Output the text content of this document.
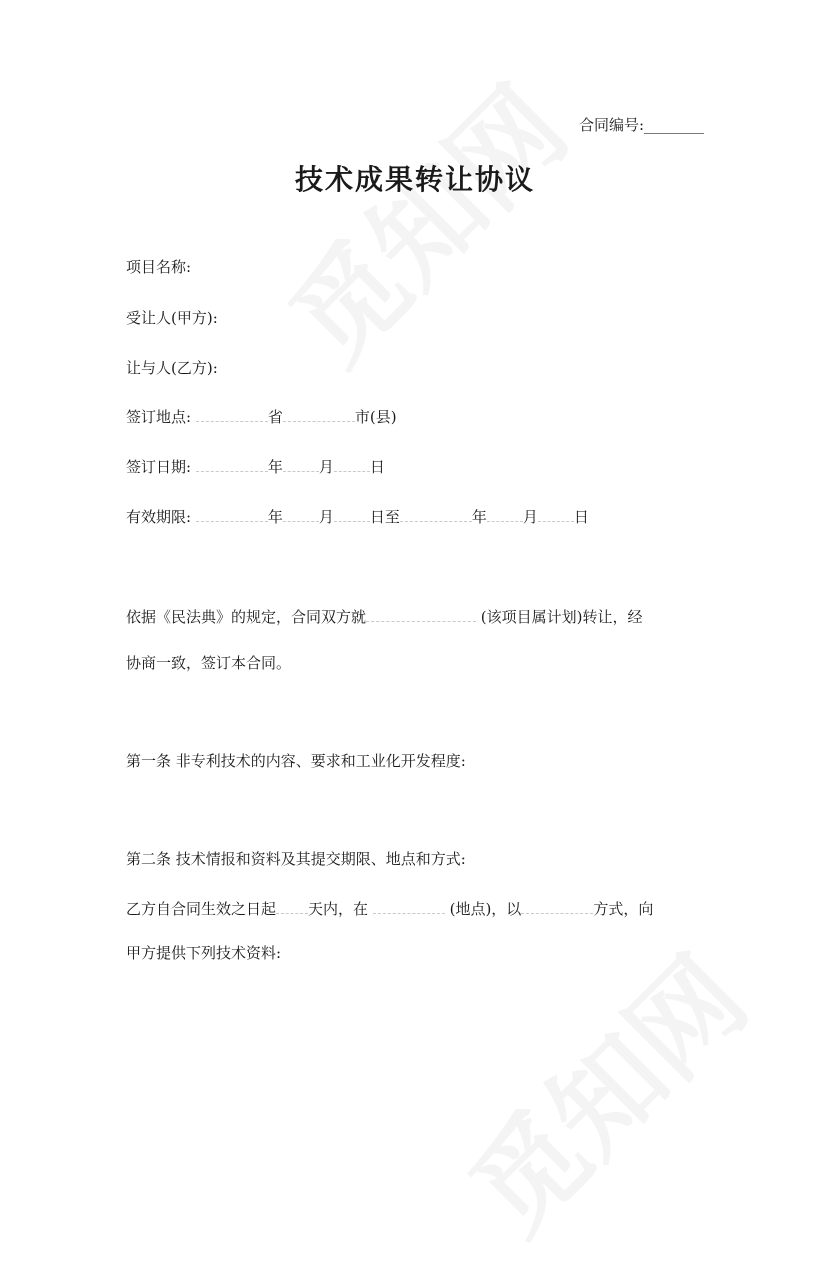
合同编号:________
技术成果转让协议
项目名称:
受让人(甲方):
让与人(乙方):
签订地点:	省	市(县)
签订日期:	年 月 日
有效期限:	年 月 日至	年 月 日
依据《民法典》的规定，合同双方就	(该项目属计划)转让，经
协商一致，签订本合同。
第一条 非专利技术的内容、要求和工业化开发程度:
第二条 技术情报和资料及其提交期限、地点和方式:
乙方自合同生效之日起 天内，在	(地点)，以	方式，向
甲方提供下列技术资料:
